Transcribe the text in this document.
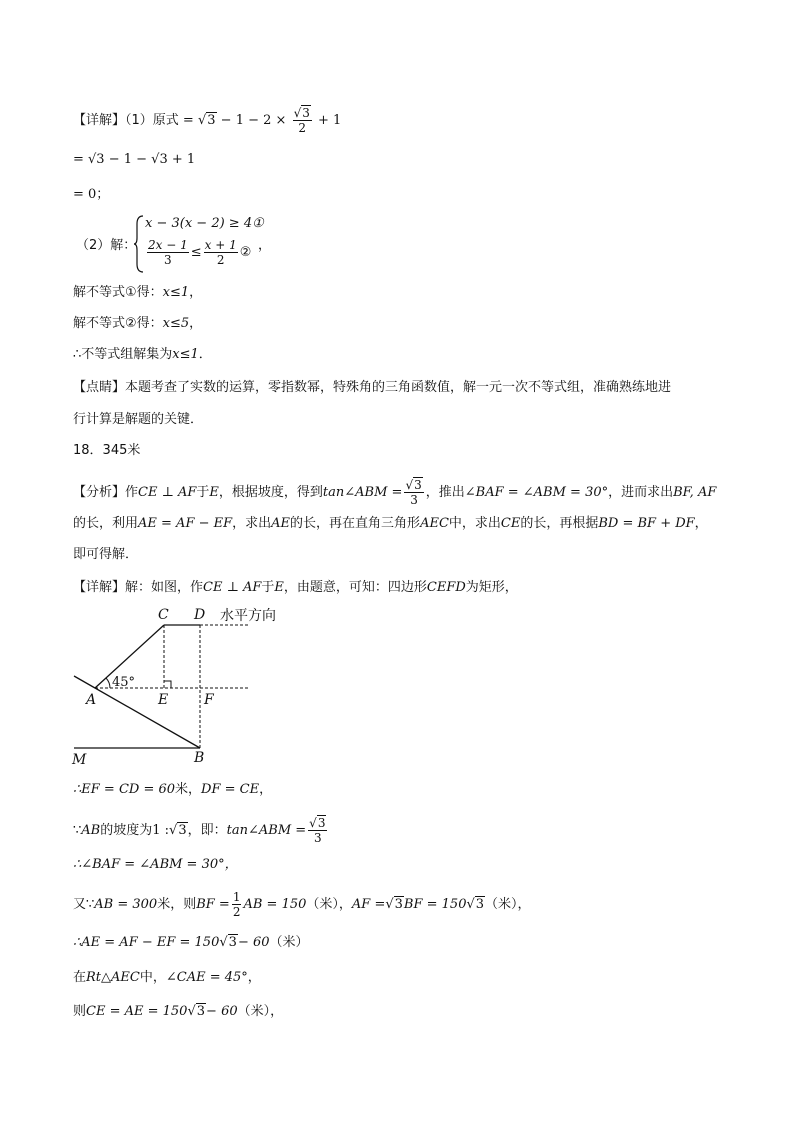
【详解】（1）原式 = $√3 - 1 - 2 \times \frac{√3}{2} + 1$
= √3 − 1 − √3 + 1
= 0；
（2）解：
x − 3(x − 2) ≥ 4①
$\frac{2x - 1}{3} \le \frac{x + 1}{2}$ ② ，
解不等式①得：x≤1，
解不等式②得：x≤5，
∴不等式组解集为x≤1．
【点睛】本题考查了实数的运算，零指数幂，特殊角的三角函数值，解一元一次不等式组，准确熟练地进
行计算是解题的关键．
18．345米
【分析】作CE ⊥ AF于E，根据坡度，得到tan∠ABM = $\frac{√3}{3}$ ，推出∠BAF = ∠ABM = 30°，进而求出BF, AF
的长，利用AE = AF − EF，求出AE的长，再在直角三角形AEC中，求出CE的长，再根据BD = BF + DF，
即可得解．
【详解】解：如图，作CE ⊥ AF于E，由题意，可知：四边形CEFD为矩形，
C D
A	E	F
M	B
45°
水平方向
∴EF = CD = 60米，DF = CE，
∵AB的坡度为1 :√3，即：tan∠ABM = $\frac{√3}{3}$
∴∠BAF = ∠ABM = 30°，
又∵AB = 300米，则BF = $\frac{1}{2}$ AB = 150（米），AF =√3BF = 150√3（米），
∴AE = AF − EF = 150√3− 60（米）
在Rt△AEC中，∠CAE = 45°，
则CE = AE = 150√3− 60（米），
